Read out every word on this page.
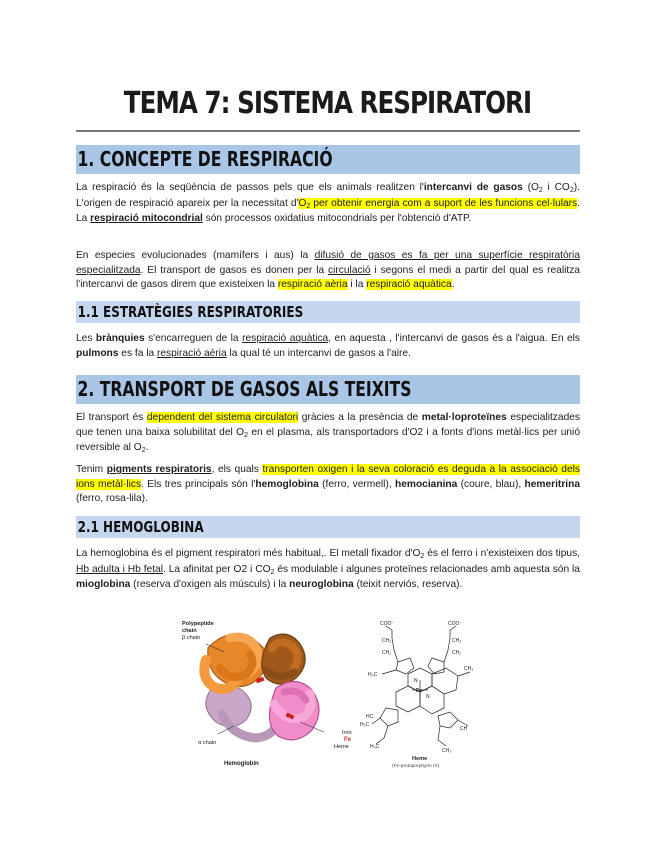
TEMA 7: SISTEMA RESPIRATORI
1. CONCEPTE DE RESPIRACIÓ
La respiració és la seqüència de passos pels que els animals realitzen l'intercanvi de gasos ($O_2$ i $CO_2$). L'origen de respiració apareix per la necessitat $d'O_2$ per obtenir energia com a suport de les funcions cel·lulars. La respiració mitocondrial són processos oxidatius mitocondrials per l'obtenció d'ATP.
En especies evolucionades (mamífers i aus) la difusió de gasos es fa per una superfície respiratòria especialitzada. El transport de gasos es donen per la circulació i segons el medi a partir del qual es realitza l'intercanvi de gasos direm que existeixen la respiració aèria i la respiració aquàtica.
1.1 ESTRATÈGIES RESPIRATORIES
Les brànquies s'encarreguen de la respiració aquàtica, en aquesta , l'intercanvi de gasos és a l'aigua. En els pulmons es fa la respiració aèria la qual té un intercanvi de gasos a l'aire.
2. TRANSPORT DE GASOS ALS TEIXITS
El transport és dependent del sistema circulatori gràcies a la presència de metal·loproteïnes especialitzades que tenen una baixa solubilitat del $O_2$ en el plasma, als transportadors d'O2 i a fonts d'ions metàl·lics per unió reversible al $O_2$.
Tenim pigments respiratoris, els quals transporten oxigen i la seva coloració es deguda a la associació dels ions metàl·lics. Els tres principals són l'hemoglobina (ferro, vermell), hemocianina (coure, blau), hemeritrina (ferro, rosa-lila).
2.1 HEMOGLOBINA
La hemoglobina és el pigment respiratori més habitual,. El metall fixador $d'O_2$ és el ferro i n'existeixen dos tipus, Hb adulta i Hb fetal. La afinitat per O2 i $CO_2$ és modulable i algunes proteïnes relacionades amb aquesta són la mioglobina (reserva d'oxigen als músculs) i la neuroglobina (teixit nerviós, reserva).
Polypeptide
chain
β chain
α chain
Iron
Fe
Heme
Hemoglobin
COO⁻	COO⁻
CH₂
CH₂
CH₂
CH₂
H₃C
CH₃
Fe
N
N
H₂C
HC
CH
H₃C
CH₃
Heme
(Fe-protoporphyrin IX)
